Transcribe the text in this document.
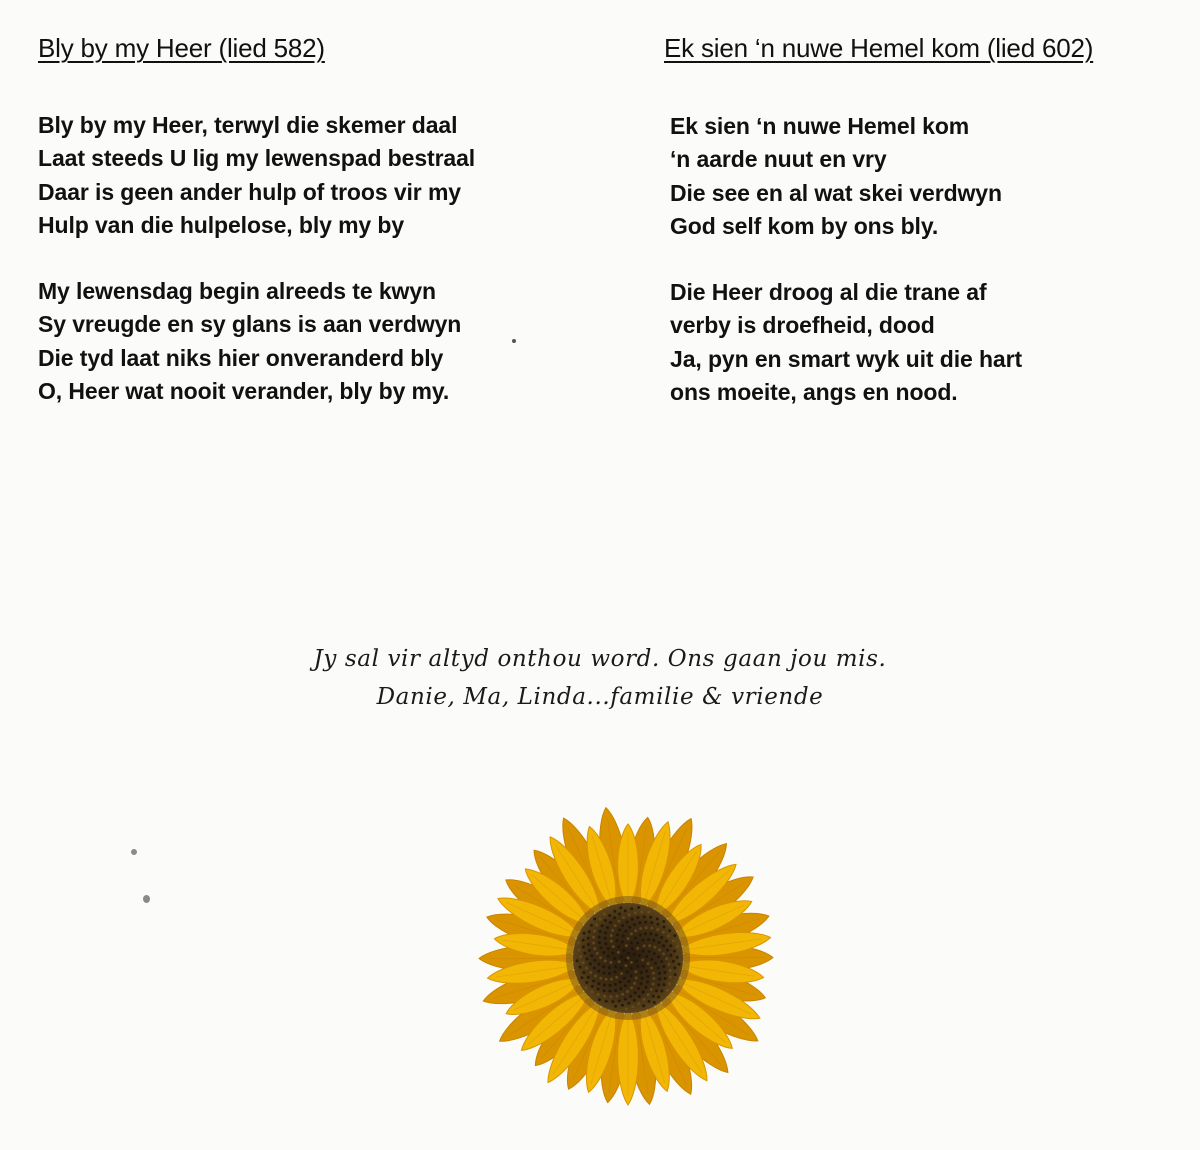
Bly by my Heer (lied 582)
Bly by my Heer, terwyl die skemer daal
Laat steeds U lig my lewenspad bestraal
Daar is geen ander hulp of troos vir my
Hulp van die hulpelose, bly my by
My lewensdag begin alreeds te kwyn
Sy vreugde en sy glans is aan verdwyn
Die tyd laat niks hier onveranderd bly
O, Heer wat nooit verander, bly by my.
Ek sien ‘n nuwe Hemel kom (lied 602)
Ek sien ‘n nuwe Hemel kom
‘n aarde nuut en vry
Die see en al wat skei verdwyn
God self kom by ons bly.
Die Heer droog al die trane af
verby is droefheid, dood
Ja, pyn en smart wyk uit die hart
ons moeite, angs en nood.

Jy sal vir altyd onthou word. Ons gaan jou mis.

Danie, Ma, Linda...familie & vriende
